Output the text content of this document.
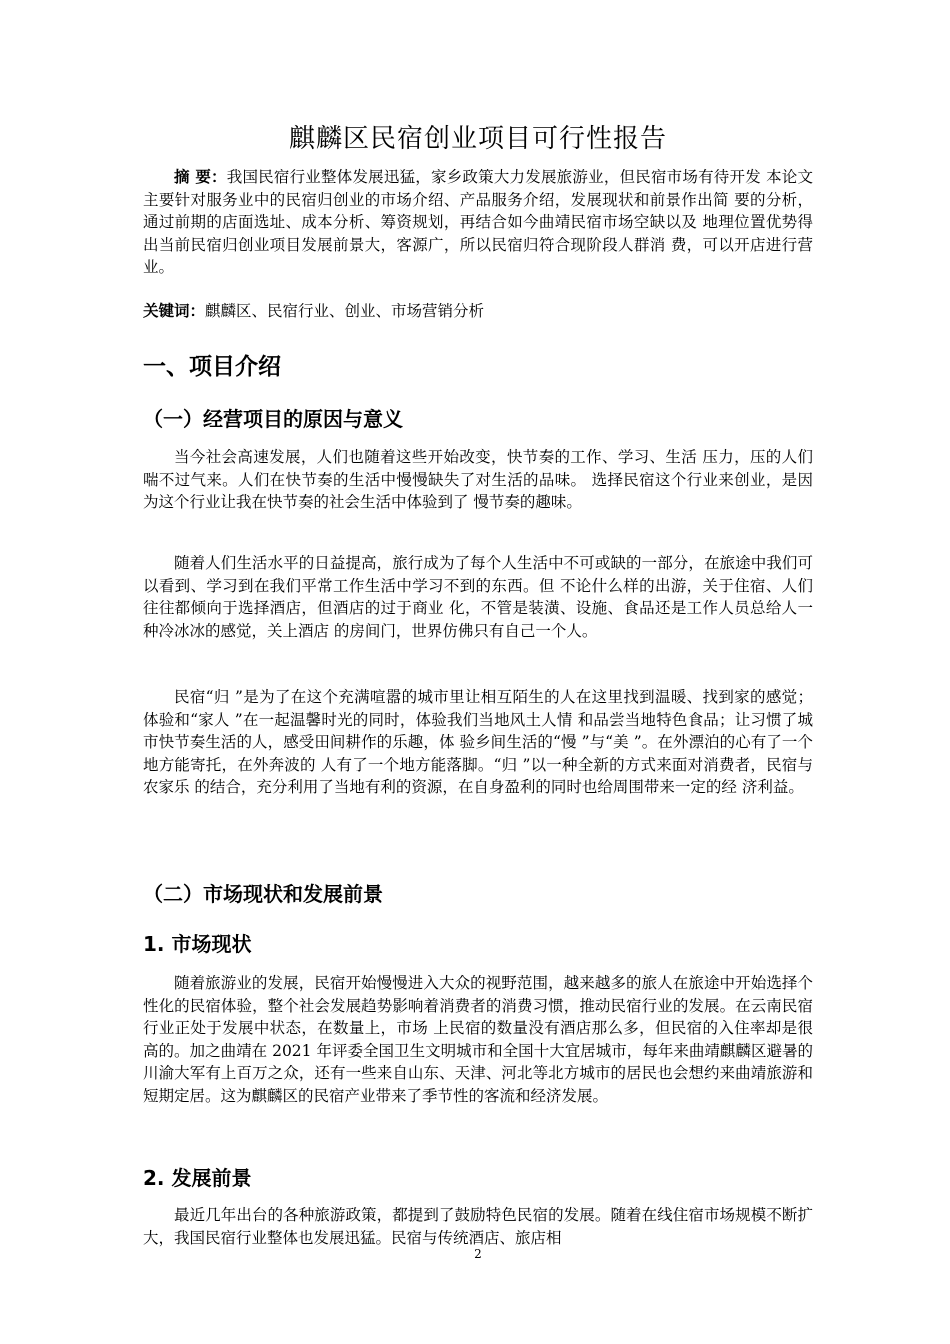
麒麟区民宿创业项目可行性报告

摘 要：我国民宿行业整体发展迅猛，家乡政策大力发展旅游业，但民宿市场有待开发 本论文主要针对服务业中的民宿归创业的市场介绍、产品服务介绍，发展现状和前景作出简 要的分析，通过前期的店面选址、成本分析、筹资规划，再结合如今曲靖民宿市场空缺以及 地理位置优势得出当前民宿归创业项目发展前景大，客源广，所以民宿归符合现阶段人群消 费，可以开店进行营业。

关键词：麒麟区、民宿行业、创业、市场营销分析

一、项目介绍
（一）经营项目的原因与意义

当今社会高速发展，人们也随着这些开始改变，快节奏的工作、学习、生活 压力，压的人们喘不过气来。人们在快节奏的生活中慢慢缺失了对生活的品味。 选择民宿这个行业来创业，是因为这个行业让我在快节奏的社会生活中体验到了 慢节奏的趣味。

随着人们生活水平的日益提高，旅行成为了每个人生活中不可或缺的一部分，在旅途中我们可以看到、学习到在我们平常工作生活中学习不到的东西。但 不论什么样的出游，关于住宿、人们往往都倾向于选择酒店，但酒店的过于商业 化，不管是装潢、设施、食品还是工作人员总给人一种冷冰冰的感觉，关上酒店 的房间门，世界仿佛只有自己一个人。

民宿“归 ”是为了在这个充满喧嚣的城市里让相互陌生的人在这里找到温暖、找到家的感觉；体验和“家人 ”在一起温馨时光的同时，体验我们当地风土人情 和品尝当地特色食品；让习惯了城市快节奏生活的人，感受田间耕作的乐趣，体 验乡间生活的“慢 ”与“美 ”。在外漂泊的心有了一个地方能寄托，在外奔波的 人有了一个地方能落脚。“归 ”以一种全新的方式来面对消费者，民宿与农家乐 的结合，充分利用了当地有利的资源，在自身盈利的同时也给周围带来一定的经 济利益。

（二）市场现状和发展前景
1. 市场现状

随着旅游业的发展，民宿开始慢慢进入大众的视野范围，越来越多的旅人在旅途中开始选择个性化的民宿体验，整个社会发展趋势影响着消费者的消费习惯，推动民宿行业的发展。在云南民宿行业正处于发展中状态，在数量上，市场 上民宿的数量没有酒店那么多，但民宿的入住率却是很高的。加之曲靖在 2021 年评委全国卫生文明城市和全国十大宜居城市，每年来曲靖麒麟区避暑的川渝大军有上百万之众，还有一些来自山东、天津、河北等北方城市的居民也会想约来曲靖旅游和短期定居。这为麒麟区的民宿产业带来了季节性的客流和经济发展。

2. 发展前景

最近几年出台的各种旅游政策，都提到了鼓励特色民宿的发展。随着在线住宿市场规模不断扩大，我国民宿行业整体也发展迅猛。民宿与传统酒店、旅店相

2
